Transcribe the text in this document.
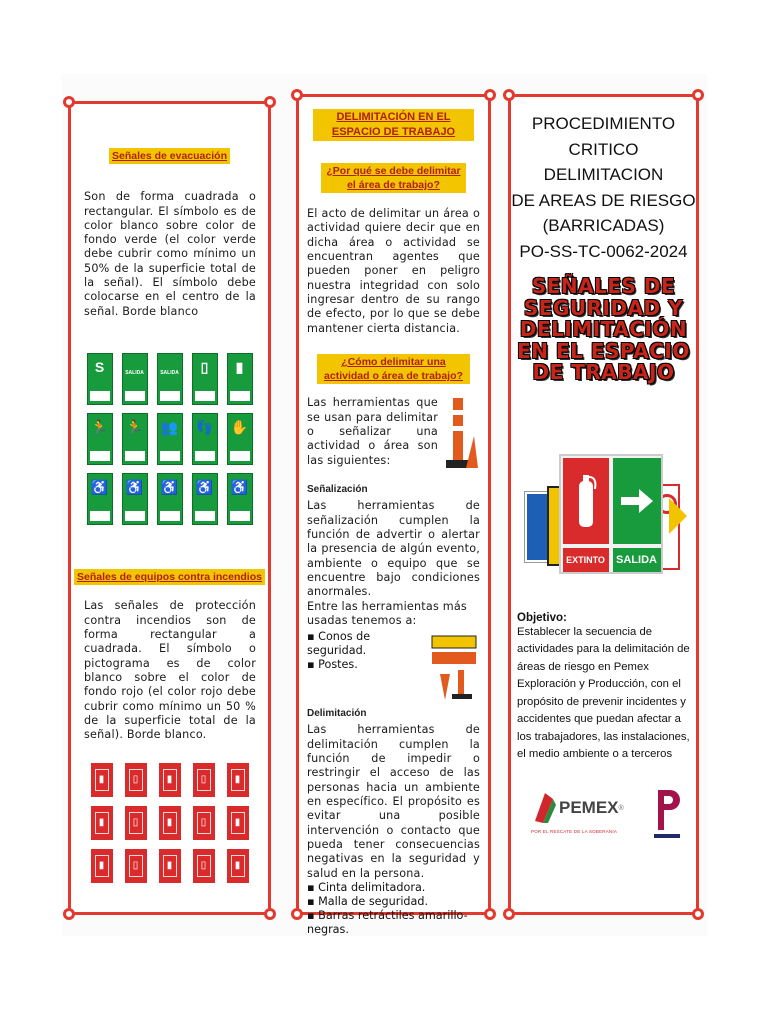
Señales de evacuación

Son de forma cuadrada o rectangular. El símbolo es de color blanco sobre color de fondo verde (el color verde debe cubrir como mínimo un 50% de la superficie total de la señal). El símbolo debe colocarse en el centro de la señal. Borde blanco

S	SALIDA	SALIDA ▯ ▮
🏃 🏃 👥 👣 ✋
♿ ♿ ♿ ♿ ♿
Señales de equipos contra incendios

Las señales de protección contra incendios son de forma rectangular a cuadrada. El símbolo o pictograma es de color blanco sobre el color de fondo rojo (el color rojo debe cubrir como mínimo un 50 % de la superficie total de la señal). Borde blanco.

▮	▯	▮	▯	▮
▮	▯	▮	▯	▮
▮	▯	▮	▯	▮
DELIMITACIÓN EN EL ESPACIO DE TRABAJO
¿Por qué se debe delimitar el área de trabajo?

El acto de delimitar un área o actividad quiere decir que en dicha área o actividad se encuentran agentes que pueden poner en peligro nuestra integridad con solo ingresar dentro de su rango de efecto, por lo que se debe mantener cierta distancia.

¿Cómo delimitar una actividad o área de trabajo?

Las herramientas que se usan para delimitar o señalizar una actividad o área son las siguientes:

Señalización

Las herramientas de señalización cumplen la función de advertir o alertar la presencia de algún evento, ambiente o equipo que se encuentre bajo condiciones anormales.

Entre las herramientas más usadas tenemos a:

▪ Conos de seguridad.
▪ Postes.
Delimitación

Las herramientas de delimitación cumplen la función de impedir o restringir el acceso de las personas hacia un ambiente en específico. El propósito es evitar una posible intervención o contacto que pueda tener consecuencias negativas en la seguridad y salud en la persona.

▪ Cinta delimitadora.
▪ Malla de seguridad.
▪ Barras retráctiles amarillo-negras.
PROCEDIMIENTO
CRITICO DELIMITACION
DE AREAS DE RIESGO
(BARRICADAS)
PO-SS-TC-0062-2024
SEÑALES DE
SEGURIDAD Y
DELIMITACIÓN
EN EL ESPACIO
DE TRABAJO
EXTINTO	SALIDA
Objetivo:

Establecer la secuencia de actividades para la delimitación de áreas de riesgo en Pemex Exploración y Producción, con el propósito de prevenir incidentes y accidentes que puedan afectar a los trabajadores, las instalaciones, el medio ambiente o a terceros

PEMEX ®
POR EL RESCATE DE LA SOBERANÍA
